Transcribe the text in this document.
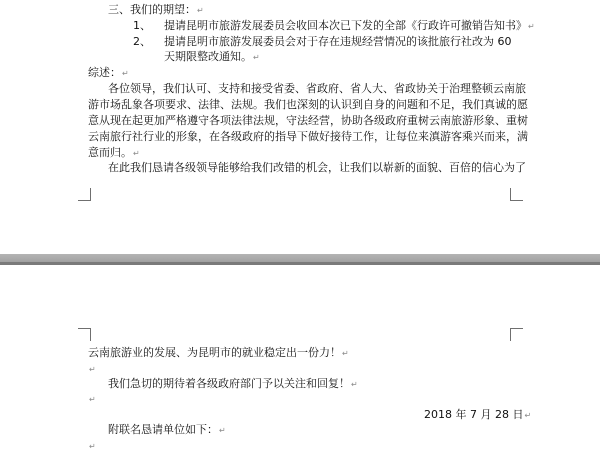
三、我们的期望：↵
1、 提请昆明市旅游发展委员会收回本次已下发的全部《行政许可撤销告知书》↵
2、 提请昆明市旅游发展委员会对于存在违规经营情况的该批旅行社改为 60
天期限整改通知。↵
综述：↵
各位领导，我们认可、支持和接受省委、省政府、省人大、省政协关于治理整顿云南旅
游市场乱象各项要求、法律、法规。我们也深刻的认识到自身的问题和不足，我们真诚的愿
意从现在起更加严格遵守各项法律法规，守法经营，协助各级政府重树云南旅游形象、重树
云南旅行社行业的形象，在各级政府的指导下做好接待工作，让每位来滇游客乘兴而来，满
意而归。↵
在此我们恳请各级领导能够给我们改错的机会，让我们以崭新的面貌、百倍的信心为了
云南旅游业的发展、为昆明市的就业稳定出一份力！↵
↵
我们急切的期待着各级政府部门予以关注和回复！↵
↵
2018 年 7 月 28 日↵
附联名恳请单位如下：↵
↵
